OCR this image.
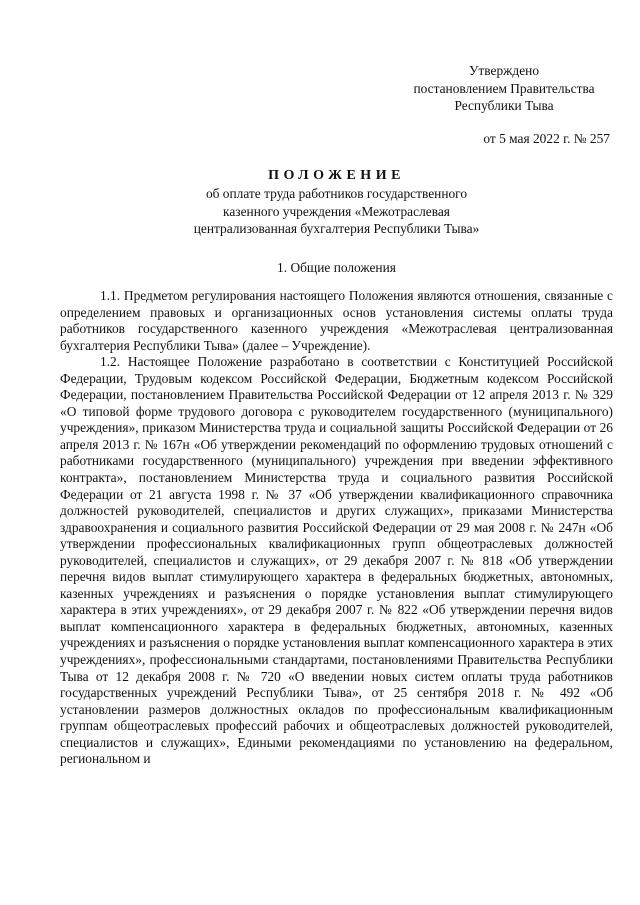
Утверждено
постановлением Правительства
Республики Тыва
от 5 мая 2022 г. № 257
ПОЛОЖЕНИЕ
об оплате труда работников государственного
казенного учреждения «Межотраслевая
централизованная бухгалтерия Республики Тыва»
1. Общие положения

1.1. Предметом регулирования настоящего Положения являются отношения, связанные с определением правовых и организационных основ установления системы оплаты труда работников государственного казенного учреждения «Межотраслевая централизованная бухгалтерия Республики Тыва» (далее – Учреждение).

1.2. Настоящее Положение разработано в соответствии с Конституцией Российской Федерации, Трудовым кодексом Российской Федерации, Бюджетным кодексом Российской Федерации, постановлением Правительства Российской Федерации от 12 апреля 2013 г. № 329 «О типовой форме трудового договора с руководителем государственного (муниципального) учреждения», приказом Министерства труда и социальной защиты Российской Федерации от 26 апреля 2013 г. № 167н «Об утверждении рекомендаций по оформлению трудовых отношений с работниками государственного (муниципального) учреждения при введении эффективного контракта», постановлением Министерства труда и социального развития Российской Федерации от 21 августа 1998 г. № 37 «Об утверждении квалификационного справочника должностей руководителей, специалистов и других служащих», приказами Министерства здравоохранения и социального развития Российской Федерации от 29 мая 2008 г. № 247н «Об утверждении профессиональных квалификационных групп общеотраслевых должностей руководителей, специалистов и служащих», от 29 декабря 2007 г. № 818 «Об утверждении перечня видов выплат стимулирующего характера в федеральных бюджетных, автономных, казенных учреждениях и разъяснения о порядке установления выплат стимулирующего характера в этих учреждениях», от 29 декабря 2007 г. № 822 «Об утверждении перечня видов выплат компенсационного характера в федеральных бюджетных, автономных, казенных учреждениях и разъяснения о порядке установления выплат компенсационного характера в этих учреждениях», профессиональными стандартами, постановлениями Правительства Республики Тыва от 12 декабря 2008 г. № 720 «О введении новых систем оплаты труда работников государственных учреждений Республики Тыва», от 25 сентября 2018 г. № 492 «Об установлении размеров должностных окладов по профессиональным квалификационным группам общеотраслевых профессий рабочих и общеотраслевых должностей руководителей, специалистов и служащих», Едиными рекомендациями по установлению на федеральном, региональном и
